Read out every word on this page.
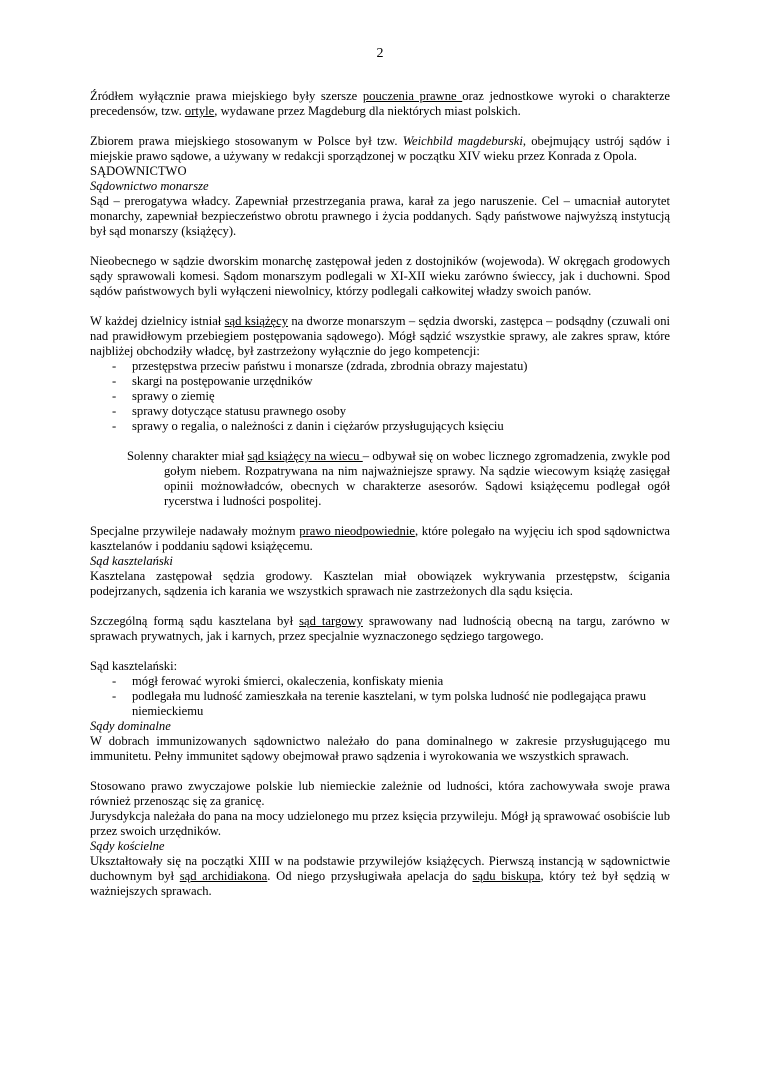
2

Źródłem wyłącznie prawa miejskiego były szersze pouczenia prawne oraz jednostkowe wyroki o charakterze precedensów, tzw. ortyle, wydawane przez Magdeburg dla niektórych miast polskich.

Zbiorem prawa miejskiego stosowanym w Polsce był tzw. Weichbild magdeburski, obejmujący ustrój sądów i miejskie prawo sądowe, a używany w redakcji sporządzonej w początku XIV wieku przez Konrada z Opola.

SĄDOWNICTWO

Sądownictwo monarsze

Sąd – prerogatywa władcy. Zapewniał przestrzegania prawa, karał za jego naruszenie. Cel – umacniał autorytet monarchy, zapewniał bezpieczeństwo obrotu prawnego i życia poddanych. Sądy państwowe najwyższą instytucją był sąd monarszy (książęcy).

Nieobecnego w sądzie dworskim monarchę zastępował jeden z dostojników (wojewoda). W okręgach grodowych sądy sprawowali komesi. Sądom monarszym podlegali w XI-XII wieku zarówno świeccy, jak i duchowni. Spod sądów państwowych byli wyłączeni niewolnicy, którzy podlegali całkowitej władzy swoich panów.

W każdej dzielnicy istniał sąd książęcy na dworze monarszym – sędzia dworski, zastępca – podsądny (czuwali oni nad prawidłowym przebiegiem postępowania sądowego). Mógł sądzić wszystkie sprawy, ale zakres spraw, które najbliżej obchodziły władcę, był zastrzeżony wyłącznie do jego kompetencji:

- przestępstwa przeciw państwu i monarsze (zdrada, zbrodnia obrazy majestatu)
- skargi na postępowanie urzędników
- sprawy o ziemię
- sprawy dotyczące statusu prawnego osoby
- sprawy o regalia, o należności z danin i ciężarów przysługujących księciu

Solenny charakter miał sąd książęcy na wiecu – odbywał się on wobec licznego zgromadzenia, zwykle pod gołym niebem. Rozpatrywana na nim najważniejsze sprawy. Na sądzie wiecowym książę zasięgał opinii możnowładców, obecnych w charakterze asesorów. Sądowi książęcemu podlegał ogół rycerstwa i ludności pospolitej.

Specjalne przywileje nadawały możnym prawo nieodpowiednie, które polegało na wyjęciu ich spod sądownictwa kasztelanów i poddaniu sądowi książęcemu.

Sąd kasztelański

Kasztelana zastępował sędzia grodowy. Kasztelan miał obowiązek wykrywania przestępstw, ścigania podejrzanych, sądzenia ich karania we wszystkich sprawach nie zastrzeżonych dla sądu księcia.

Szczególną formą sądu kasztelana był sąd targowy sprawowany nad ludnością obecną na targu, zarówno w sprawach prywatnych, jak i karnych, przez specjalnie wyznaczonego sędziego targowego.

Sąd kasztelański:

- mógł ferować wyroki śmierci, okaleczenia, konfiskaty mienia
- podlegała mu ludność zamieszkała na terenie kasztelani, w tym polska ludność nie podlegająca prawu niemieckiemu

Sądy dominalne

W dobrach immunizowanych sądownictwo należało do pana dominalnego w zakresie przysługującego mu immunitetu. Pełny immunitet sądowy obejmował prawo sądzenia i wyrokowania we wszystkich sprawach.

Stosowano prawo zwyczajowe polskie lub niemieckie zależnie od ludności, która zachowywała swoje prawa również przenosząc się za granicę.

Jurysdykcja należała do pana na mocy udzielonego mu przez księcia przywileju. Mógł ją sprawować osobiście lub przez swoich urzędników.

Sądy kościelne

Ukształtowały się na początki XIII w na podstawie przywilejów książęcych. Pierwszą instancją w sądownictwie duchownym był sąd archidiakona. Od niego przysługiwała apelacja do sądu biskupa, który też był sędzią w ważniejszych sprawach.
